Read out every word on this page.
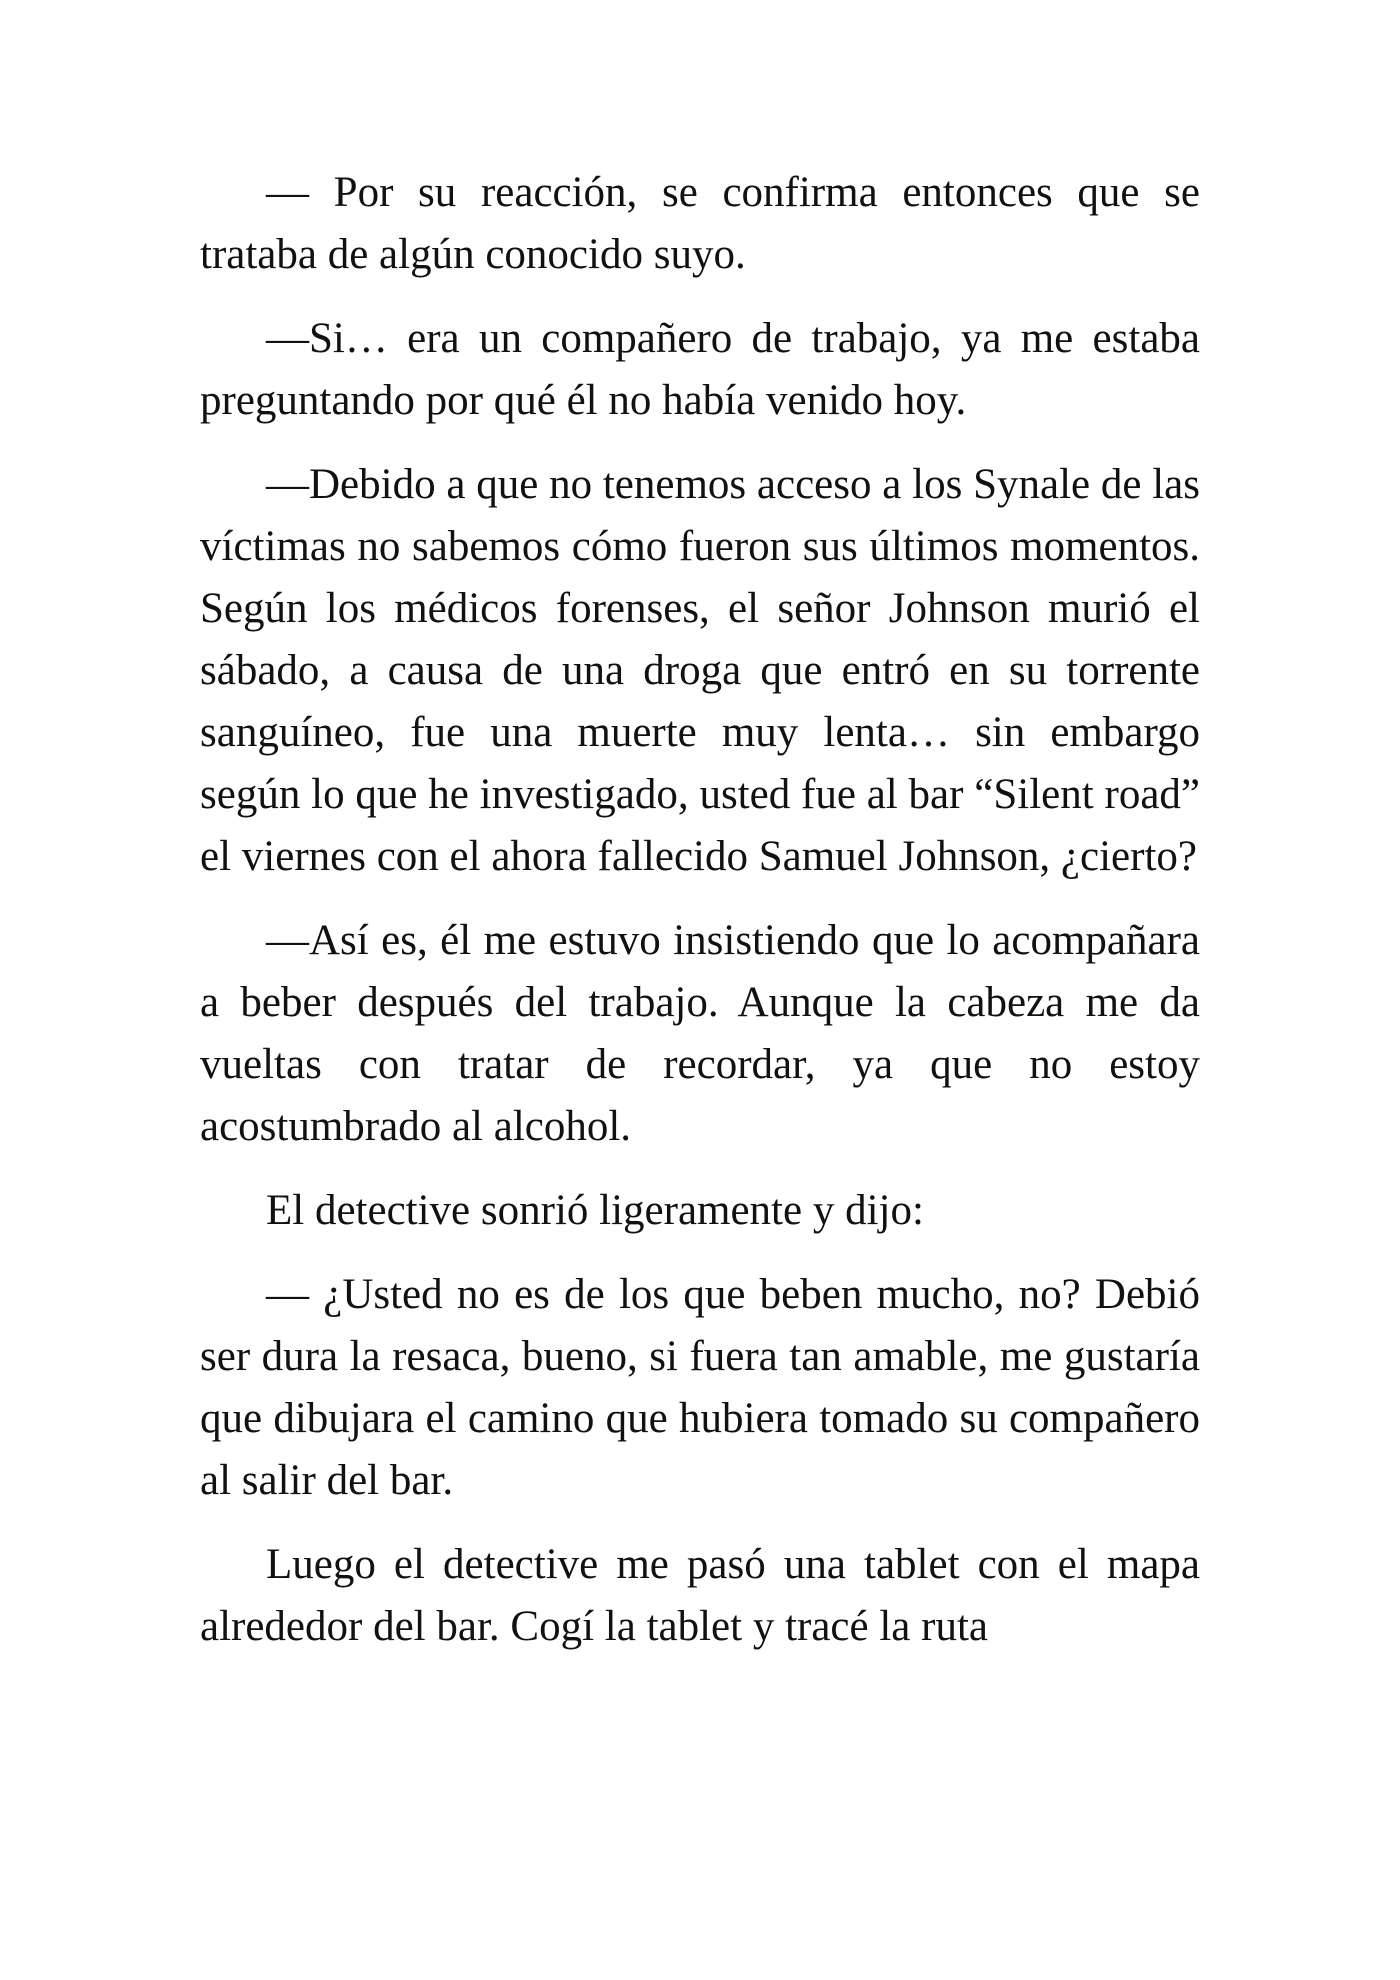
— Por su reacción, se confirma entonces que se trataba de algún conocido suyo.

—Si… era un compañero de trabajo, ya me estaba preguntando por qué él no había venido hoy.

—Debido a que no tenemos acceso a los Synale de las víctimas no sabemos cómo fueron sus últimos momentos. Según los médicos forenses, el señor Johnson murió el sábado, a causa de una droga que entró en su torrente sanguíneo, fue una muerte muy lenta… sin embargo según lo que he investigado, usted fue al bar “Silent road” el viernes con el ahora fallecido Samuel Johnson, ¿cierto?

—Así es, él me estuvo insistiendo que lo acompañara a beber después del trabajo. Aunque la cabeza me da vueltas con tratar de recordar, ya que no estoy acostumbrado al alcohol.

El detective sonrió ligeramente y dijo:

— ¿Usted no es de los que beben mucho, no? Debió ser dura la resaca, bueno, si fuera tan amable, me gustaría que dibujara el camino que hubiera tomado su compañero al salir del bar.

Luego el detective me pasó una tablet con el mapa alrededor del bar. Cogí la tablet y tracé la ruta
